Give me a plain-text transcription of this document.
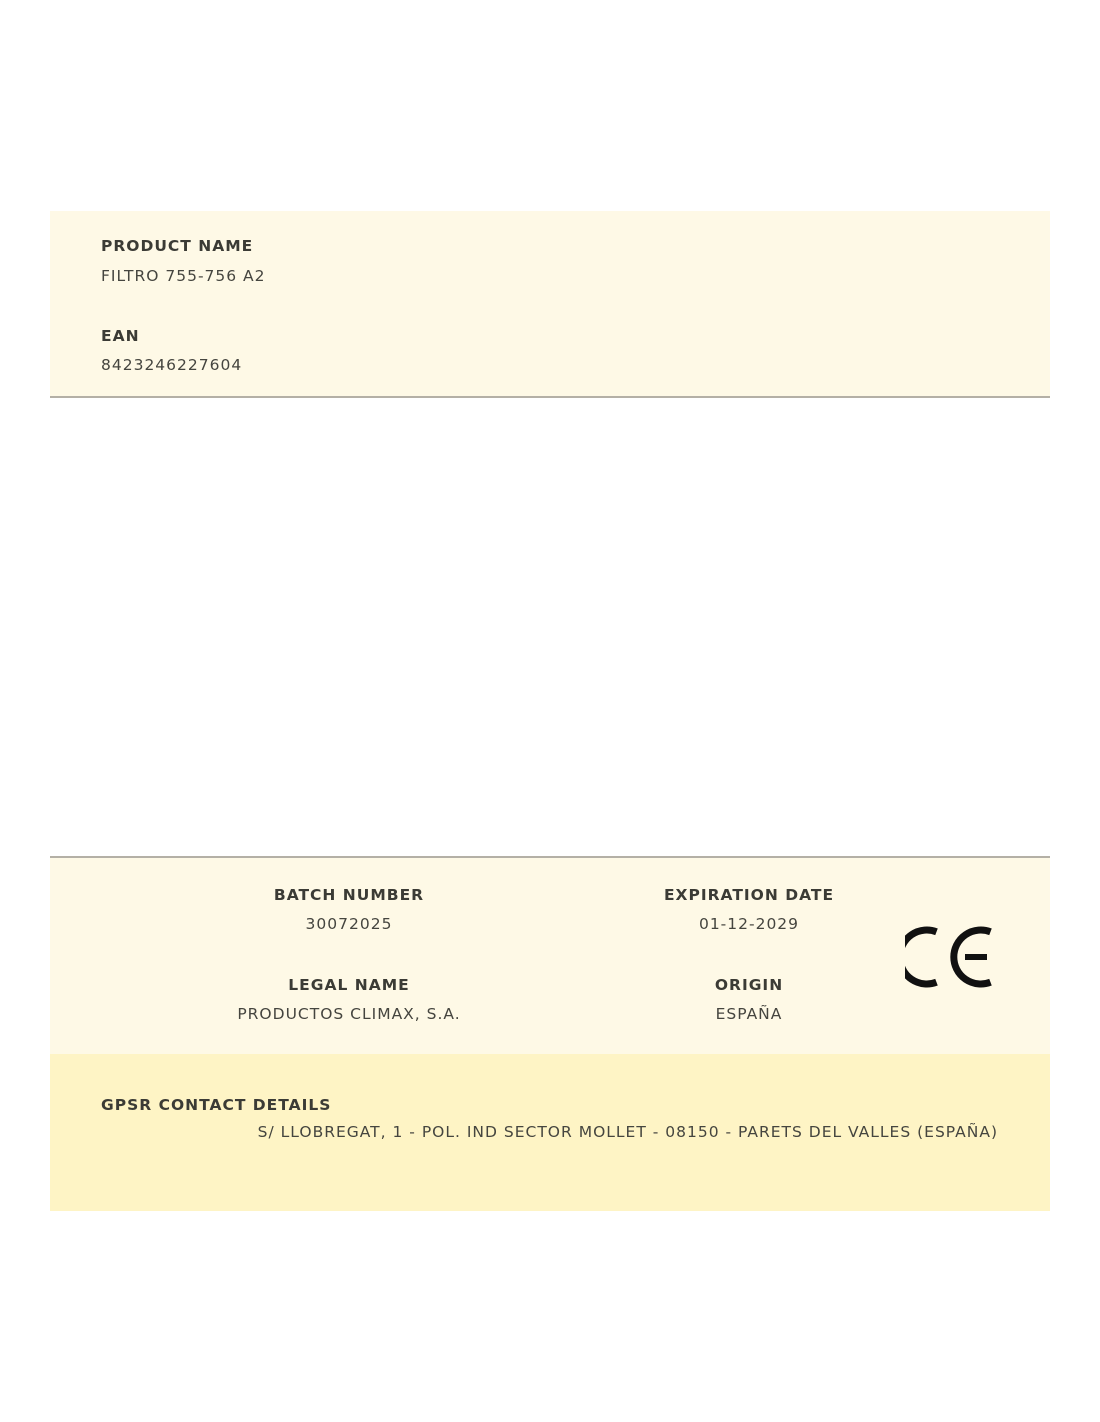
PRODUCT NAME
FILTRO 755-756 A2
EAN
8423246227604
BATCH NUMBER
30072025
EXPIRATION DATE
01-12-2029
LEGAL NAME
PRODUCTOS CLIMAX, S.A.
ORIGIN
ESPAÑA
GPSR CONTACT DETAILS
S/ LLOBREGAT, 1 - POL. IND SECTOR MOLLET - 08150 - PARETS DEL VALLES (ESPAÑA)
